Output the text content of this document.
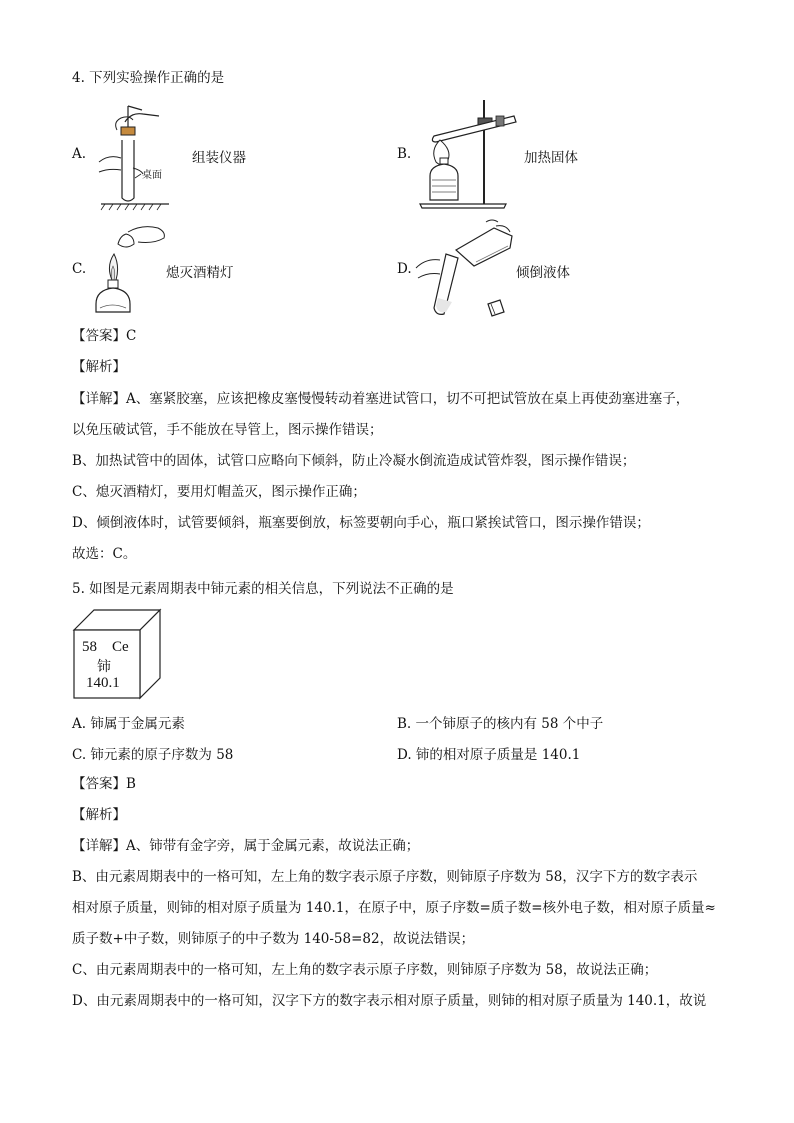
4. 下列实验操作正确的是
A.
桌面
组装仪器	B.	加热固体
C.	熄灭酒精灯	D.	倾倒液体
【答案】C
【解析】
【详解】A、塞紧胶塞，应该把橡皮塞慢慢转动着塞进试管口，切不可把试管放在桌上再使劲塞进塞子，
以免压破试管，手不能放在导管上，图示操作错误；
B、加热试管中的固体，试管口应略向下倾斜，防止冷凝水倒流造成试管炸裂，图示操作错误；
C、熄灭酒精灯，要用灯帽盖灭，图示操作正确；
D、倾倒液体时，试管要倾斜，瓶塞要倒放，标签要朝向手心，瓶口紧挨试管口，图示操作错误；
故选：C。
5. 如图是元素周期表中铈元素的相关信息，下列说法不正确的是
58 Ce
铈
140.1
A. 铈属于金属元素	B. 一个铈原子的核内有 58 个中子
C. 铈元素的原子序数为 58	D. 铈的相对原子质量是 140.1
【答案】B
【解析】
【详解】A、铈带有金字旁，属于金属元素，故说法正确；
B、由元素周期表中的一格可知，左上角的数字表示原子序数，则铈原子序数为 58，汉字下方的数字表示
相对原子质量，则铈的相对原子质量为 140.1，在原子中，原子序数=质子数=核外电子数，相对原子质量≈
质子数+中子数，则铈原子的中子数为 140-58=82，故说法错误；
C、由元素周期表中的一格可知，左上角的数字表示原子序数，则铈原子序数为 58，故说法正确；
D、由元素周期表中的一格可知，汉字下方的数字表示相对原子质量，则铈的相对原子质量为 140.1，故说
